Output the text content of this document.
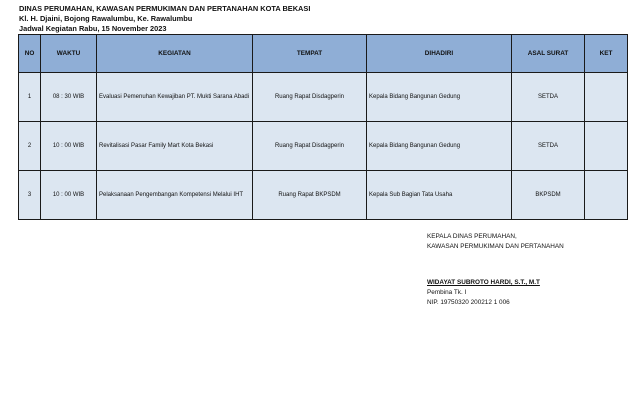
DINAS PERUMAHAN, KAWASAN PERMUKIMAN DAN PERTANAHAN KOTA BEKASI
Kl. H. Djaini, Bojong Rawalumbu, Ke. Rawalumbu
Jadwal Kegiatan Rabu, 15 November 2023
NO	WAKTU	KEGIATAN	TEMPAT	DIHADIRI	ASAL SURAT	KET
1	08 : 30 WIB	Evaluasi Pemenuhan Kewajiban PT. Mukti Sarana Abadi	Ruang Rapat Disdagperin	Kepala Bidang Bangunan Gedung	SETDA	
2	10 : 00 WIB	Revitalisasi Pasar Family Mart Kota Bekasi	Ruang Rapat Disdagperin	Kepala Bidang Bangunan Gedung	SETDA	
3	10 : 00 WIB	Pelaksanaan Pengembangan Kompetensi Melalui IHT	Ruang Rapat BKPSDM	Kepala Sub Bagian Tata Usaha	BKPSDM	
KEPALA DINAS PERUMAHAN,
KAWASAN PERMUKIMAN DAN PERTANAHAN
WIDAYAT SUBROTO HARDI, S.T., M.T
Pembina Tk. I
NIP. 19750320 200212 1 006
